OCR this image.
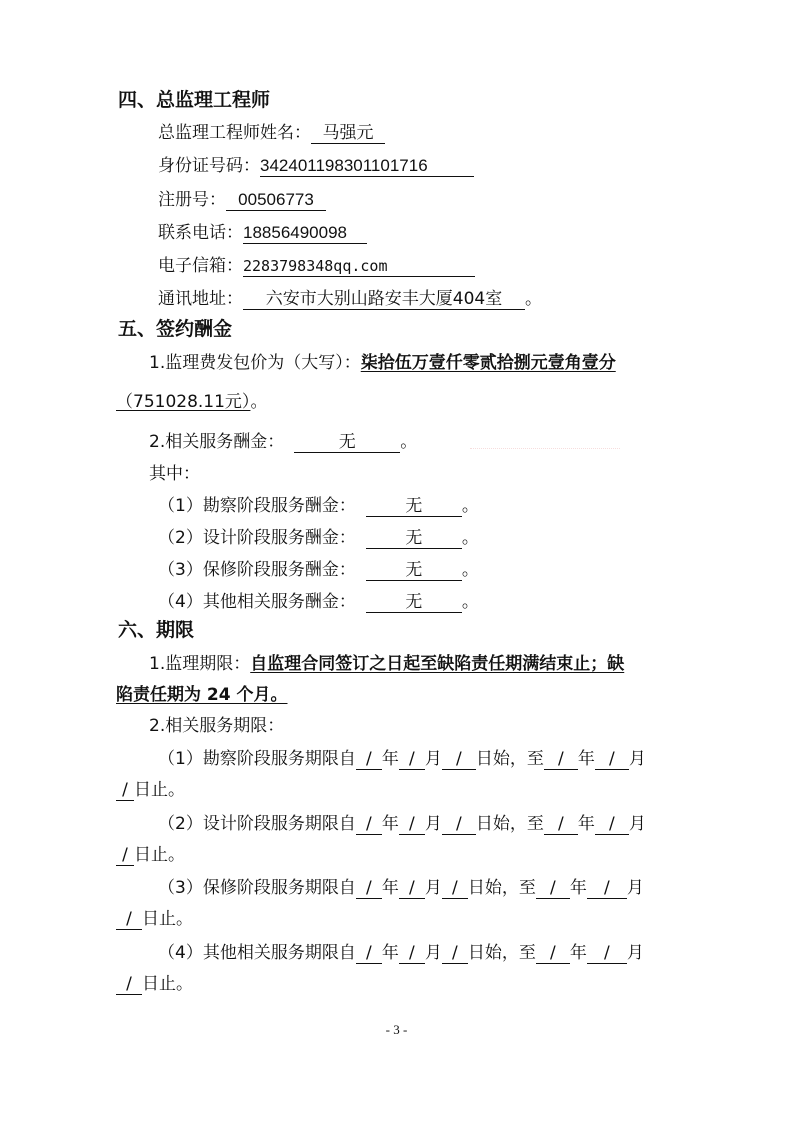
四、总监理工程师
总监理工程师姓名： 马强元
身份证号码：342401198301101716
注册号： 00506773
联系电话：18856490098
电子信箱：2283798348qq.com
通讯地址： 六安市大别山路安丰大厦404室 。
五、签约酬金
1.监理费发包价为（大写）：柒拾伍万壹仟零贰拾捌元壹角壹分
（751028.11元）。
2.相关服务酬金：	无	。
其中：
（1）勘察阶段服务酬金：	无 。
（2）设计阶段服务酬金：	无 。
（3）保修阶段服务酬金：	无 。
（4）其他相关服务酬金：	无 。
六、期限
1.监理期限：自监理合同签订之日起至缺陷责任期满结束止；缺
陷责任期为 24 个月。
2.相关服务期限：
（1）勘察阶段服务期限自 / 年 / 月 / 日始，至 / 年 / 月
/ 日止。
（2）设计阶段服务期限自 / 年 / 月 / 日始，至 / 年 / 月
/ 日止。
（3）保修阶段服务期限自 / 年 / 月 / 日始，至 / 年 / 月
/ 日止。
（4）其他相关服务期限自 / 年 / 月 / 日始，至 / 年 / 月
/ 日止。
- 3 -
